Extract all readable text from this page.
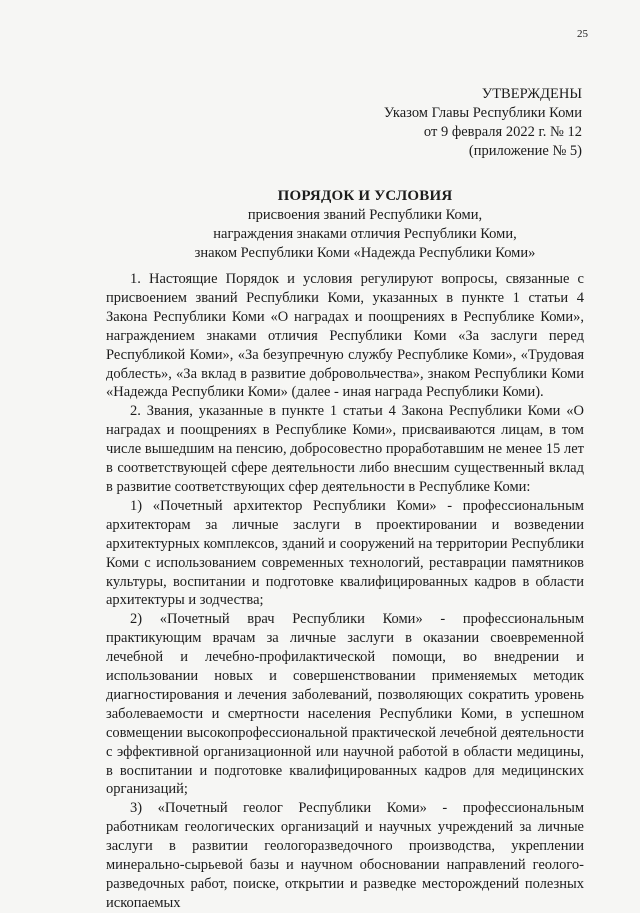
25
УТВЕРЖДЕНЫ
Указом Главы Республики Коми
от 9 февраля 2022 г. № 12
(приложение № 5)
ПОРЯДОК И УСЛОВИЯ
присвоения званий Республики Коми,
награждения знаками отличия Республики Коми,
знаком Республики Коми «Надежда Республики Коми»

1. Настоящие Порядок и условия регулируют вопросы, связанные с присвоением званий Республики Коми, указанных в пункте 1 статьи 4 Закона Республики Коми «О наградах и поощрениях в Республике Коми», награждением знаками отличия Республики Коми «За заслуги перед Республикой Коми», «За безупречную службу Республике Коми», «Трудовая доблесть», «За вклад в развитие добровольчества», знаком Республики Коми «Надежда Республики Коми» (далее - иная награда Республики Коми).

2. Звания, указанные в пункте 1 статьи 4 Закона Республики Коми «О наградах и поощрениях в Республике Коми», присваиваются лицам, в том числе вышедшим на пенсию, добросовестно проработавшим не менее 15 лет в соответствующей сфере деятельности либо внесшим существенный вклад в развитие соответствующих сфер деятельности в Республике Коми:

1) «Почетный архитектор Республики Коми» - профессиональным архитекторам за личные заслуги в проектировании и возведении архитектурных комплексов, зданий и сооружений на территории Республики Коми с использованием современных технологий, реставрации памятников культуры, воспитании и подготовке квалифицированных кадров в области архитектуры и зодчества;

2) «Почетный врач Республики Коми» - профессиональным практикующим врачам за личные заслуги в оказании своевременной лечебной и лечебно-профилактической помощи, во внедрении и использовании новых и совершенствовании применяемых методик диагностирования и лечения заболеваний, позволяющих сократить уровень заболеваемости и смертности населения Республики Коми, в успешном совмещении высокопрофессиональной практической лечебной деятельности с эффективной организационной или научной работой в области медицины, в воспитании и подготовке квалифицированных кадров для медицинских организаций;

3) «Почетный геолог Республики Коми» - профессиональным работникам геологических организаций и научных учреждений за личные заслуги в развитии геологоразведочного производства, укреплении минерально-сырьевой базы и научном обосновании направлений геолого-разведочных работ, поиске, открытии и разведке месторождений полезных ископаемых
